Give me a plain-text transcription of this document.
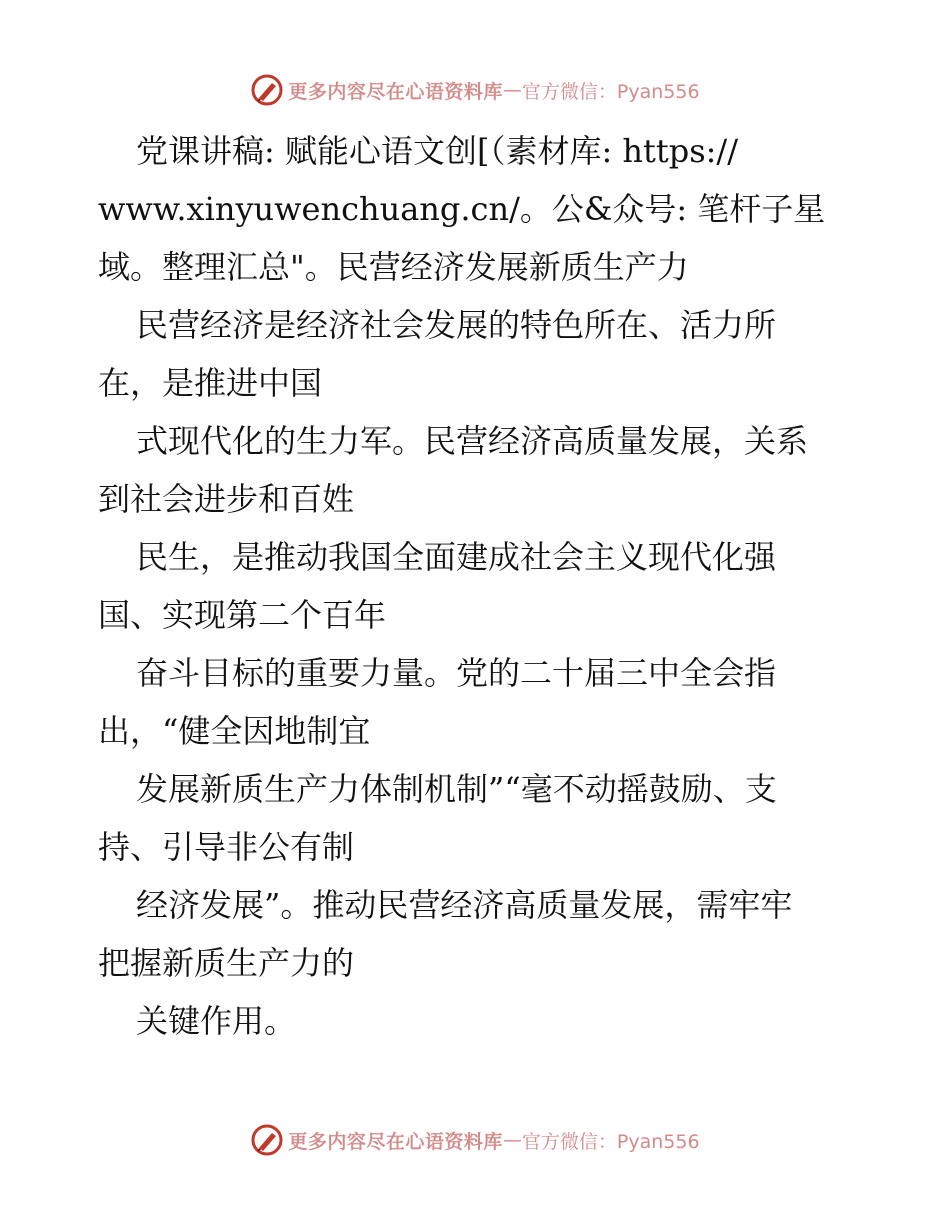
更多内容尽在心语资料库 — 官方微信：Pyan556
党课讲稿: 赋能心语文创[（素材库: https://
www.xinyuwenchuang.cn/。公&众号: 笔杆子星
域。整理汇总"。民营经济发展新质生产力
民营经济是经济社会发展的特色所在、活力所
在，是推进中国
式现代化的生力军。民营经济高质量发展，关系
到社会进步和百姓
民生，是推动我国全面建成社会主义现代化强
国、实现第二个百年
奋斗目标的重要力量。党的二十届三中全会指
出，“健全因地制宜
发展新质生产力体制机制”“毫不动摇鼓励、支
持、引导非公有制
经济发展”。推动民营经济高质量发展，需牢牢
把握新质生产力的
关键作用。
更多内容尽在心语资料库 — 官方微信：Pyan556
